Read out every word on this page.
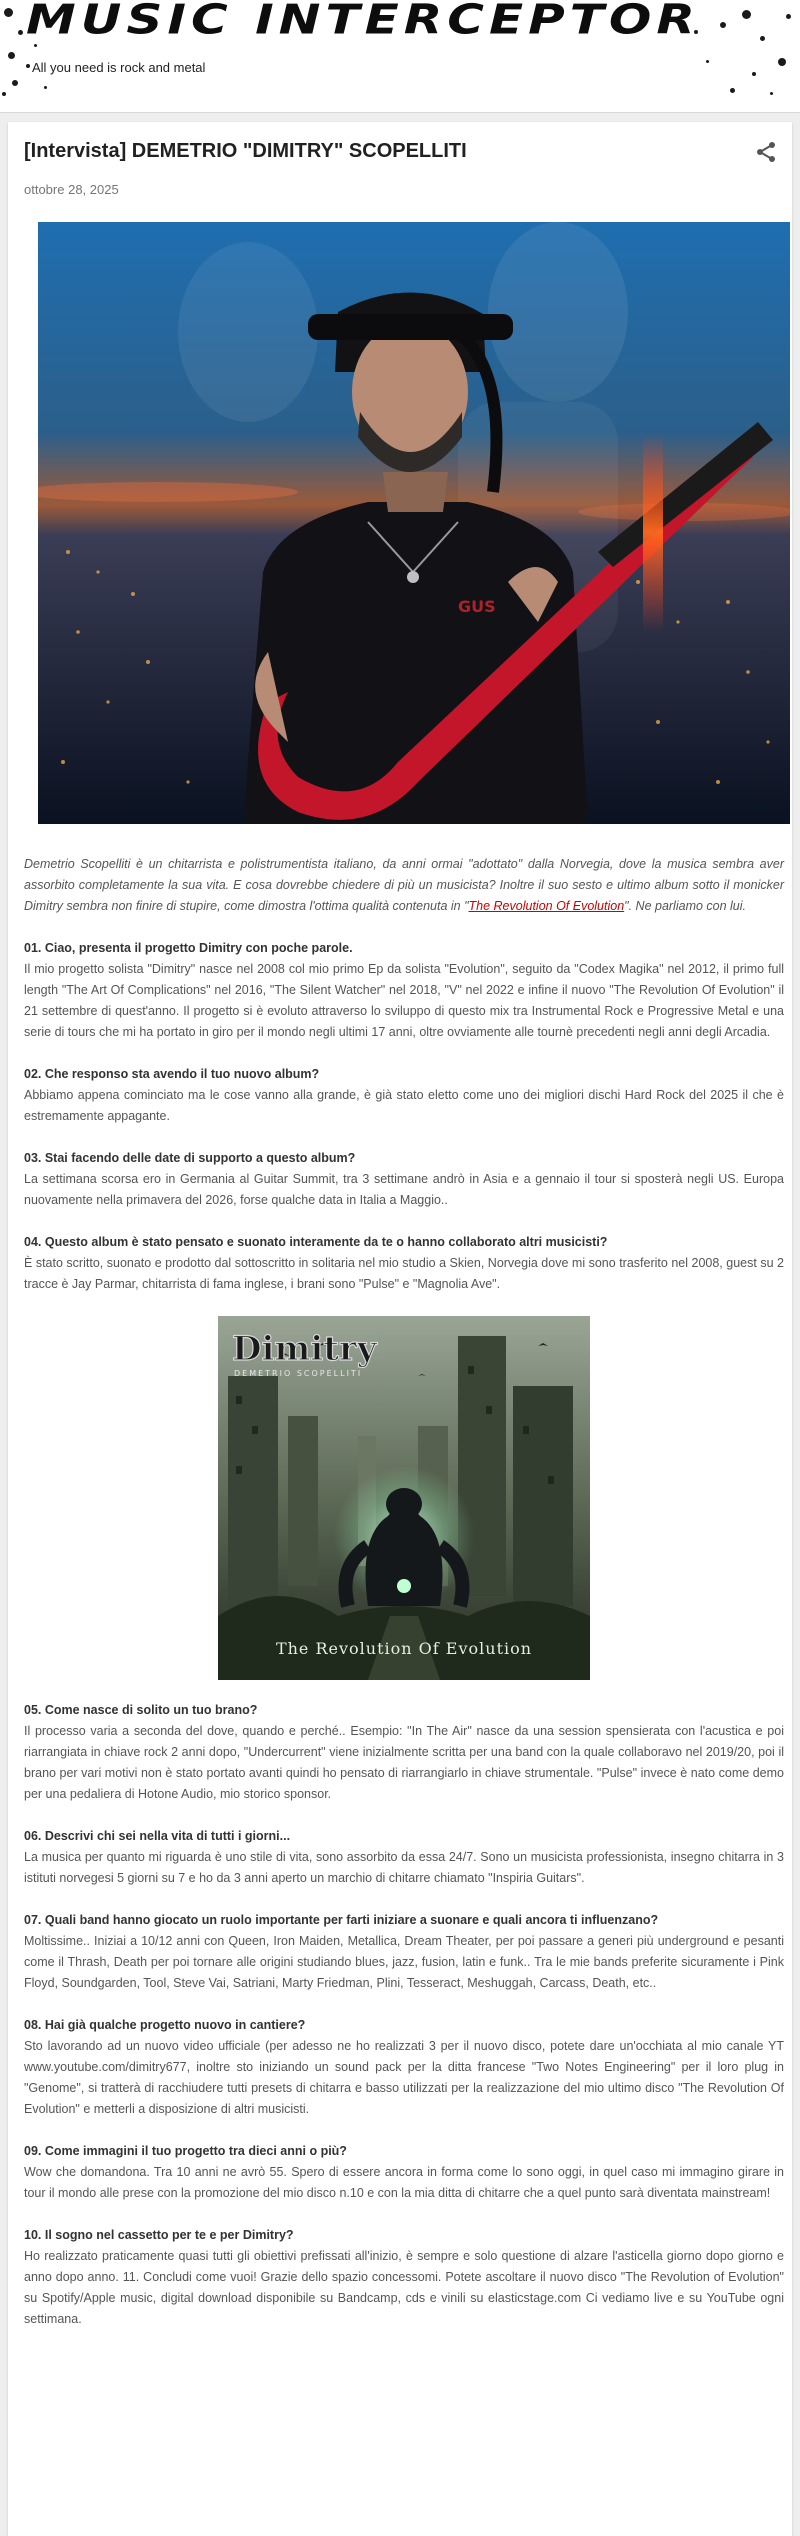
MUSIC INTERCEPTOR
All you need is rock and metal
[Intervista] DEMETRIO "DIMITRY" SCOPELLITI
ottobre 28, 2025
GUS

Demetrio Scopelliti è un chitarrista e polistrumentista italiano, da anni ormai "adottato" dalla Norvegia, dove la musica sembra aver assorbito completamente la sua vita. E cosa dovrebbe chiedere di più un musicista? Inoltre il suo sesto e ultimo album sotto il monicker Dimitry sembra non finire di stupire, come dimostra l'ottima qualità contenuta in "The Revolution Of Evolution". Ne parliamo con lui.

01. Ciao, presenta il progetto Dimitry con poche parole.
Il mio progetto solista "Dimitry" nasce nel 2008 col mio primo Ep da solista "Evolution", seguito da "Codex Magika" nel 2012, il primo full length "The Art Of Complications" nel 2016, "The Silent Watcher" nel 2018, "V" nel 2022 e infine il nuovo "The Revolution Of Evolution" il 21 settembre di quest'anno. Il progetto si è evoluto attraverso lo sviluppo di questo mix tra Instrumental Rock e Progressive Metal e una serie di tours che mi ha portato in giro per il mondo negli ultimi 17 anni, oltre ovviamente alle tournè precedenti negli anni degli Arcadia.

02. Che responso sta avendo il tuo nuovo album?
Abbiamo appena cominciato ma le cose vanno alla grande, è già stato eletto come uno dei migliori dischi Hard Rock del 2025 il che è estremamente appagante.

03. Stai facendo delle date di supporto a questo album?
La settimana scorsa ero in Germania al Guitar Summit, tra 3 settimane andrò in Asia e a gennaio il tour si sposterà negli US. Europa nuovamente nella primavera del 2026, forse qualche data in Italia a Maggio..

04. Questo album è stato pensato e suonato interamente da te o hanno collaborato altri musicisti?
È stato scritto, suonato e prodotto dal sottoscritto in solitaria nel mio studio a Skien, Norvegia dove mi sono trasferito nel 2008, guest su 2 tracce è Jay Parmar, chitarrista di fama inglese, i brani sono "Pulse" e "Magnolia Ave".

Dimitry
DEMETRIO SCOPELLITI
The Revolution Of Evolution

05. Come nasce di solito un tuo brano?
Il processo varia a seconda del dove, quando e perché.. Esempio: "In The Air" nasce da una session spensierata con l'acustica e poi riarrangiata in chiave rock 2 anni dopo, "Undercurrent" viene inizialmente scritta per una band con la quale collaboravo nel 2019/20, poi il brano per vari motivi non è stato portato avanti quindi ho pensato di riarrangiarlo in chiave strumentale. "Pulse" invece è nato come demo per una pedaliera di Hotone Audio, mio storico sponsor.

06. Descrivi chi sei nella vita di tutti i giorni...
La musica per quanto mi riguarda è uno stile di vita, sono assorbito da essa 24/7. Sono un musicista professionista, insegno chitarra in 3 istituti norvegesi 5 giorni su 7 e ho da 3 anni aperto un marchio di chitarre chiamato "Inspiria Guitars".

07. Quali band hanno giocato un ruolo importante per farti iniziare a suonare e quali ancora ti influenzano?
Moltissime.. Iniziai a 10/12 anni con Queen, Iron Maiden, Metallica, Dream Theater, per poi passare a generi più underground e pesanti come il Thrash, Death per poi tornare alle origini studiando blues, jazz, fusion, latin e funk.. Tra le mie bands preferite sicuramente i Pink Floyd, Soundgarden, Tool, Steve Vai, Satriani, Marty Friedman, Plini, Tesseract, Meshuggah, Carcass, Death, etc..

08. Hai già qualche progetto nuovo in cantiere?
Sto lavorando ad un nuovo video ufficiale (per adesso ne ho realizzati 3 per il nuovo disco, potete dare un'occhiata al mio canale YT www.youtube.com/dimitry677, inoltre sto iniziando un sound pack per la ditta francese "Two Notes Engineering" per il loro plug in "Genome", si tratterà di racchiudere tutti presets di chitarra e basso utilizzati per la realizzazione del mio ultimo disco "The Revolution Of Evolution" e metterli a disposizione di altri musicisti.

09. Come immagini il tuo progetto tra dieci anni o più?
Wow che domandona. Tra 10 anni ne avrò 55. Spero di essere ancora in forma come lo sono oggi, in quel caso mi immagino girare in tour il mondo alle prese con la promozione del mio disco n.10 e con la mia ditta di chitarre che a quel punto sarà diventata mainstream!

10. Il sogno nel cassetto per te e per Dimitry?
Ho realizzato praticamente quasi tutti gli obiettivi prefissati all'inizio, è sempre e solo questione di alzare l'asticella giorno dopo giorno e anno dopo anno. 11. Concludi come vuoi! Grazie dello spazio concessomi. Potete ascoltare il nuovo disco "The Revolution of Evolution" su Spotify/Apple music, digital download disponibile su Bandcamp, cds e vinili su elasticstage.com Ci vediamo live e su YouTube ogni settimana.
